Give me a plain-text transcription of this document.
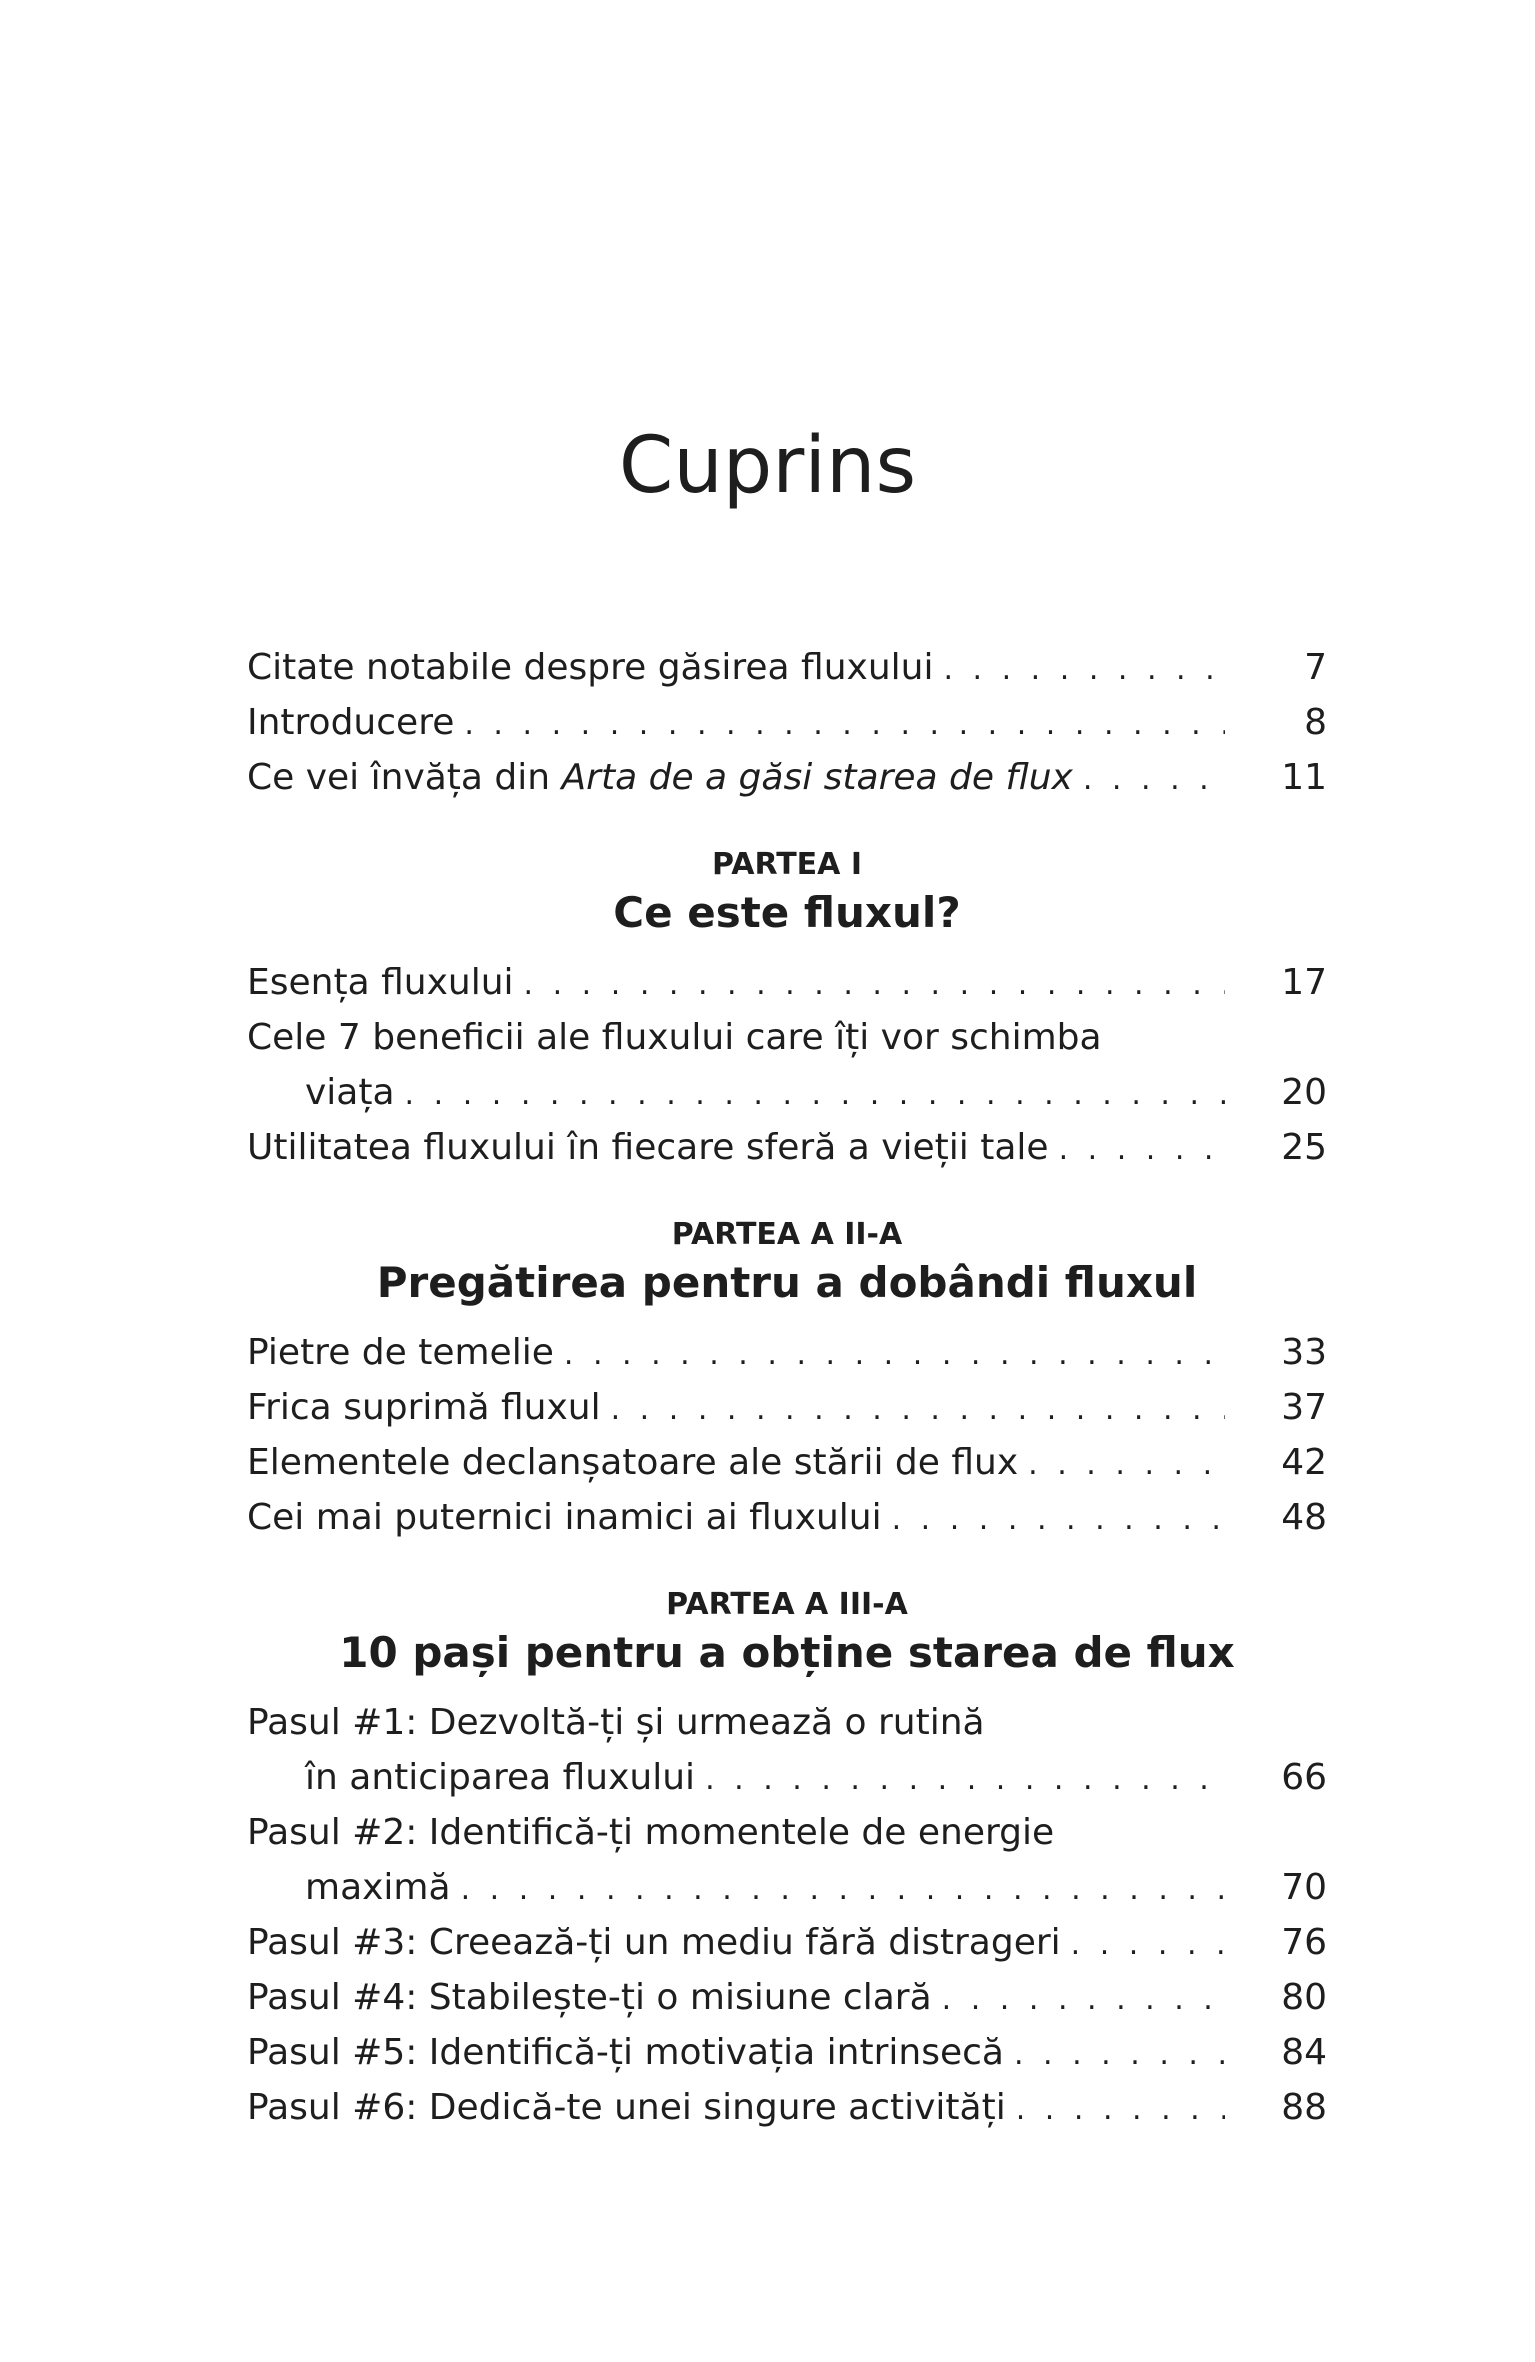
Cuprins
Citate notabile despre găsirea fluxului . . .	7
Introducere . . .	8
Ce vei învăța din Arta de a găsi starea de flux . . .	11
PARTEA I
Ce este fluxul?
Esența fluxului . . .	17
Cele 7 beneficii ale fluxului care îți vor schimba
viața . . .	20
Utilitatea fluxului în fiecare sferă a vieții tale . . .	25
PARTEA A II-A
Pregătirea pentru a dobândi fluxul
Pietre de temelie . . .	33
Frica suprimă fluxul . . .	37
Elementele declanșatoare ale stării de flux . . .	42
Cei mai puternici inamici ai fluxului . . .	48
PARTEA A III-A
10 pași pentru a obține starea de flux
Pasul #1: Dezvoltă-ți și urmează o rutină
în anticiparea fluxului . . .	66
Pasul #2: Identifică-ți momentele de energie
maximă . . .	70
Pasul #3: Creează-ți un mediu fără distrageri . . .	76
Pasul #4: Stabilește-ți o misiune clară . . .	80
Pasul #5: Identifică-ți motivația intrinsecă . . .	84
Pasul #6: Dedică-te unei singure activități . . .	88
